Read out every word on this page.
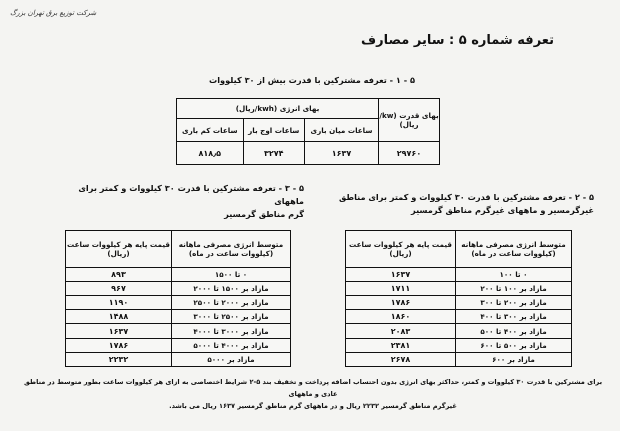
شرکت توزیع برق تهران بزرگ
تعرفه شماره ۵ : سایر مصارف
۵ - ۱ - تعرفه مشترکین با قدرت بیش از ۳۰ کیلووات
بهای قدرت (kw/ریال)	بهای انرژی (kwh/ریال)		
	ساعات میان باری	ساعات اوج بار	ساعات کم باری
۲۹۷۶۰	۱۶۳۷	۳۲۷۴	۸۱۸٫۵
۵ - ۲ - تعرفه مشترکین با قدرت ۳۰ کیلووات و کمتر برای مناطق
غیرگرمسیر و ماههای غیرگرم مناطق گرمسیر
متوسط انرژی مصرفی ماهانه (کیلووات ساعت در ماه)	قیمت پایه هر کیلووات ساعت (ریال)
۰ تا ۱۰۰	۱۶۳۷
مازاد بر ۱۰۰ تا ۲۰۰	۱۷۱۱
مازاد بر ۲۰۰ تا ۳۰۰	۱۷۸۶
مازاد بر ۳۰۰ تا ۴۰۰	۱۸۶۰
مازاد بر ۴۰۰ تا ۵۰۰	۲۰۸۳
مازاد بر ۵۰۰ تا ۶۰۰	۲۳۸۱
مازاد بر ۶۰۰	۲۶۷۸
۵ - ۳ - تعرفه مشترکین با قدرت ۳۰ کیلووات و کمتر برای ماههای
گرم مناطق گرمسیر
متوسط انرژی مصرفی ماهانه (کیلووات ساعت در ماه)	قیمت پایه هر کیلووات ساعت (ریال)
۰ تا ۱۵۰۰	۸۹۳
مازاد بر ۱۵۰۰ تا ۲۰۰۰	۹۶۷
مازاد بر ۲۰۰۰ تا ۲۵۰۰	۱۱۹۰
مازاد بر ۲۵۰۰ تا ۳۰۰۰	۱۴۸۸
مازاد بر ۳۰۰۰ تا ۴۰۰۰	۱۶۳۷
مازاد بر ۴۰۰۰ تا ۵۰۰۰	۱۷۸۶
مازاد بر ۵۰۰۰	۲۲۳۲
برای مشترکین با قدرت ۳۰ کیلووات و کمتر، حداکثر بهای انرژی بدون احتساب اضافه پرداخت و تخفیف بند ۵-۲ شرایط اختصاصی به ازای هر کیلووات ساعت بطور متوسط در مناطق عادی و ماههای
غیرگرم مناطق گرمسیر ۲۲۳۲ ریال و در ماههای گرم مناطق گرمسیر ۱۶۳۷ ریال می باشد.
